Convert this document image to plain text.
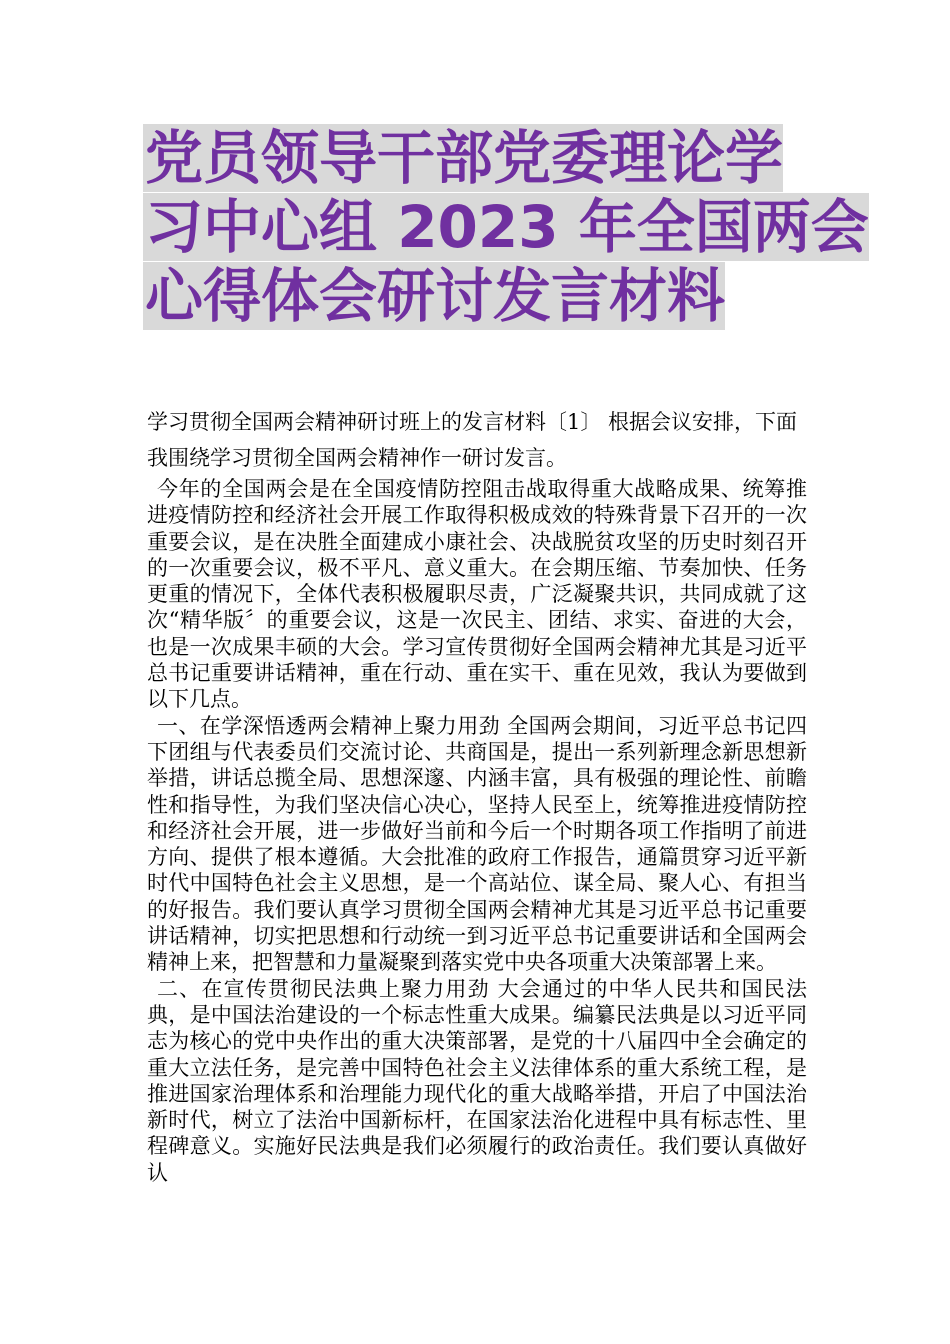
党员领导干部党委理论学
习中心组 2023 年全国两会
心得体会研讨发言材料

学习贯彻全国两会精神研讨班上的发言材料〔1〕 根据会议安排，下面我围绕学习贯彻全国两会精神作一研讨发言。

今年的全国两会是在全国疫情防控阻击战取得重大战略成果、统筹推进疫情防控和经济社会开展工作取得积极成效的特殊背景下召开的一次重要会议，是在决胜全面建成小康社会、决战脱贫攻坚的历史时刻召开的一次重要会议，极不平凡、意义重大。在会期压缩、节奏加快、任务更重的情况下，全体代表积极履职尽责，广泛凝聚共识，共同成就了这次“精华版〞的重要会议，这是一次民主、团结、求实、奋进的大会，也是一次成果丰硕的大会。学习宣传贯彻好全国两会精神尤其是习近平总书记重要讲话精神，重在行动、重在实干、重在见效，我认为要做到以下几点。

一、在学深悟透两会精神上聚力用劲 全国两会期间，习近平总书记四下团组与代表委员们交流讨论、共商国是，提出一系列新理念新思想新举措，讲话总揽全局、思想深邃、内涵丰富，具有极强的理论性、前瞻性和指导性，为我们坚决信心决心，坚持人民至上，统筹推进疫情防控和经济社会开展，进一步做好当前和今后一个时期各项工作指明了前进方向、提供了根本遵循。大会批准的政府工作报告，通篇贯穿习近平新时代中国特色社会主义思想，是一个高站位、谋全局、聚人心、有担当的好报告。我们要认真学习贯彻全国两会精神尤其是习近平总书记重要讲话精神，切实把思想和行动统一到习近平总书记重要讲话和全国两会精神上来，把智慧和力量凝聚到落实党中央各项重大决策部署上来。

二、在宣传贯彻民法典上聚力用劲 大会通过的中华人民共和国民法典，是中国法治建设的一个标志性重大成果。编纂民法典是以习近平同志为核心的党中央作出的重大决策部署，是党的十八届四中全会确定的重大立法任务，是完善中国特色社会主义法律体系的重大系统工程，是推进国家治理体系和治理能力现代化的重大战略举措，开启了中国法治新时代，树立了法治中国新标杆，在国家法治化进程中具有标志性、里程碑意义。实施好民法典是我们必须履行的政治责任。我们要认真做好认
